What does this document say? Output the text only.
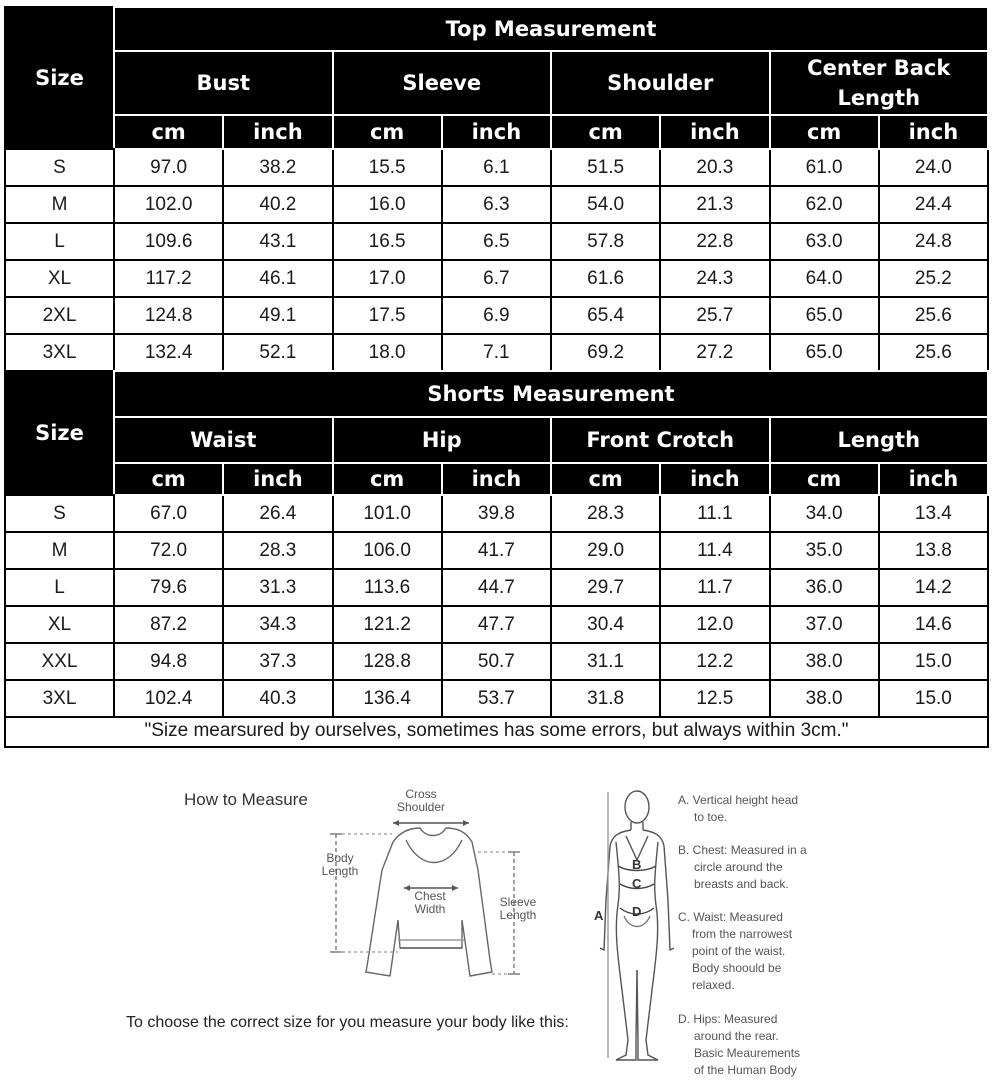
Size	Top Measurement							
	Bust		Sleeve		Shoulder		Center Back Length	
	cm	inch	cm	inch	cm	inch	cm	inch
S	97.0	38.2	15.5	6.1	51.5	20.3	61.0	24.0
M	102.0	40.2	16.0	6.3	54.0	21.3	62.0	24.4
L	109.6	43.1	16.5	6.5	57.8	22.8	63.0	24.8
XL	117.2	46.1	17.0	6.7	61.6	24.3	64.0	25.2
2XL	124.8	49.1	17.5	6.9	65.4	25.7	65.0	25.6
3XL	132.4	52.1	18.0	7.1	69.2	27.2	65.0	25.6
Size	Shorts Measurement							
	Waist		Hip		Front Crotch		Length	
	cm	inch	cm	inch	cm	inch	cm	inch
S	67.0	26.4	101.0	39.8	28.3	11.1	34.0	13.4
M	72.0	28.3	106.0	41.7	29.0	11.4	35.0	13.8
L	79.6	31.3	113.6	44.7	29.7	11.7	36.0	14.2
XL	87.2	34.3	121.2	47.7	30.4	12.0	37.0	14.6
XXL	94.8	37.3	128.8	50.7	31.1	12.2	38.0	15.0
3XL	102.4	40.3	136.4	53.7	31.8	12.5	38.0	15.0
"Size mearsured by ourselves, sometimes has some errors, but always within 3cm."
How to Measure	Cross
Shoulder
Body
Length
Chest
Width	Sleeve
Length	A
B
C
D
A. Vertical height head
to toe.
B. Chest: Measured in a
circle around the
breasts and back.
C. Waist: Measured
from the narrowest
point of the waist.
Body shoould be
relaxed.
D. Hips: Measured
around the rear.
Basic Meaurements
of the Human Body
To choose the correct size for you measure your body like this:
